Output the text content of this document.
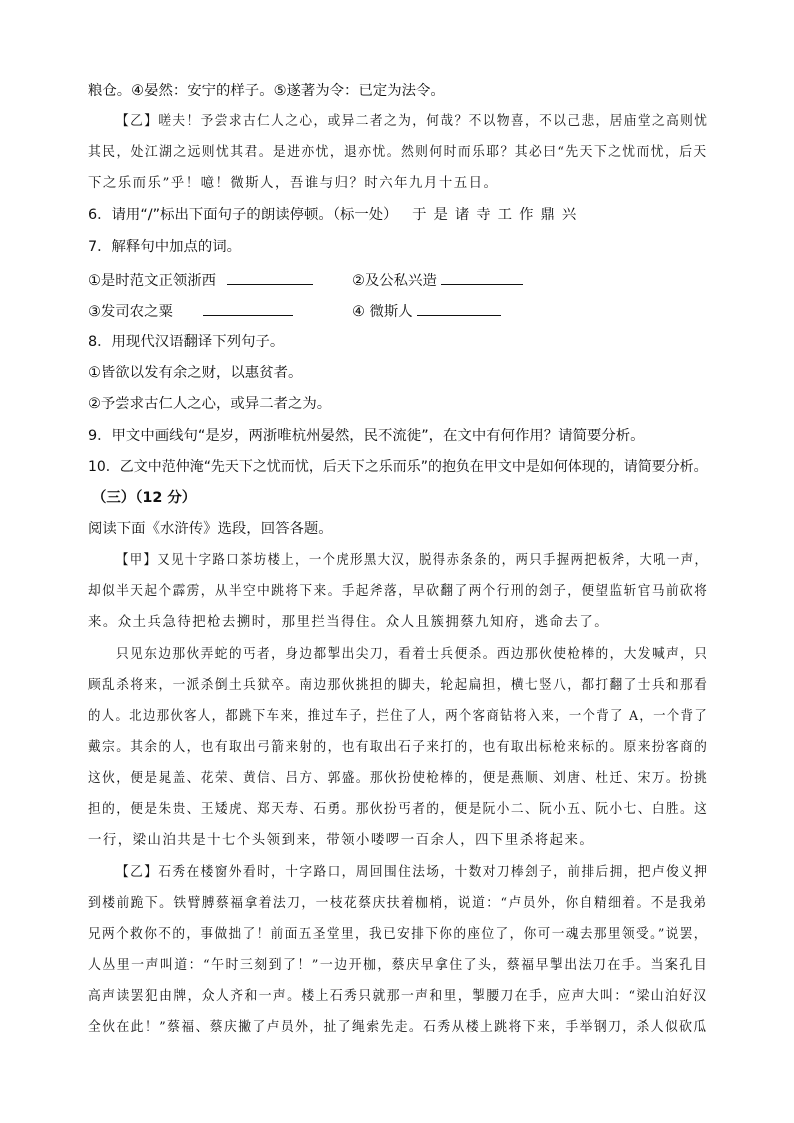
粮仓。④晏然：安宁的样子。⑤遂著为令：已定为法令。
【乙】嗟夫！予尝求古仁人之心，或异二者之为，何哉？不以物喜，不以己悲，居庙堂之高则忧
其民，处江湖之远则忧其君。是进亦忧，退亦忧。然则何时而乐耶？其必曰“先天下之忧而忧，后天
下之乐而乐”乎！噫！微斯人，吾谁与归？时六年九月十五日。
6．请用“/”标出下面句子的朗读停顿。（标一处） 于是诸寺工作鼎兴
7．解释句中加点的词。
①是时范文正领浙西	②及公私兴造
③发司农之粟	④ 微斯人
8．用现代汉语翻译下列句子。
①皆欲以发有余之财，以惠贫者。
②予尝求古仁人之心，或异二者之为。
9．甲文中画线句“是岁，两浙唯杭州晏然，民不流徙”，在文中有何作用？请简要分析。
10．乙文中范仲淹“先天下之忧而忧，后天下之乐而乐”的抱负在甲文中是如何体现的，请简要分析。
（三）（12 分）
阅读下面《水浒传》选段，回答各题。
【甲】又见十字路口茶坊楼上，一个虎形黑大汉，脱得赤条条的，两只手握两把板斧，大吼一声，
却似半天起个霹雳，从半空中跳将下来。手起斧落，早砍翻了两个行刑的刽子，便望监斩官马前砍将
来。众土兵急待把枪去搠时，那里拦当得住。众人且簇拥蔡九知府，逃命去了。
只见东边那伙弄蛇的丐者，身边都掣出尖刀，看着士兵便杀。西边那伙使枪棒的，大发喊声，只
顾乱杀将来，一派杀倒土兵狱卒。南边那伙挑担的脚夫，轮起扁担，横七竖八，都打翻了士兵和那看
的人。北边那伙客人，都跳下车来，推过车子，拦住了人，两个客商钻将入来，一个背了 A，一个背了
戴宗。其余的人，也有取出弓箭来射的，也有取出石子来打的，也有取出标枪来标的。原来扮客商的
这伙，便是晁盖、花荣、黄信、吕方、郭盛。那伙扮使枪棒的，便是燕顺、刘唐、杜迁、宋万。扮挑
担的，便是朱贵、王矮虎、郑天寿、石勇。那伙扮丐者的，便是阮小二、阮小五、阮小七、白胜。这
一行，梁山泊共是十七个头领到来，带领小喽啰一百余人，四下里杀将起来。
【乙】石秀在楼窗外看时，十字路口，周回围住法场，十数对刀棒刽子，前排后拥，把卢俊义押
到楼前跪下。铁臂膊蔡福拿着法刀，一枝花蔡庆扶着枷梢，说道：“卢员外，你自精细着。不是我弟
兄两个救你不的，事做拙了！前面五圣堂里，我已安排下你的座位了，你可一魂去那里领受。”说罢，
人丛里一声叫道：“午时三刻到了！”一边开枷，蔡庆早拿住了头，蔡福早掣出法刀在手。当案孔目
高声读罢犯由牌，众人齐和一声。楼上石秀只就那一声和里，掣腰刀在手，应声大叫：“梁山泊好汉
全伙在此！”蔡福、蔡庆撇了卢员外，扯了绳索先走。石秀从楼上跳将下来，手举钢刀，杀人似砍瓜
